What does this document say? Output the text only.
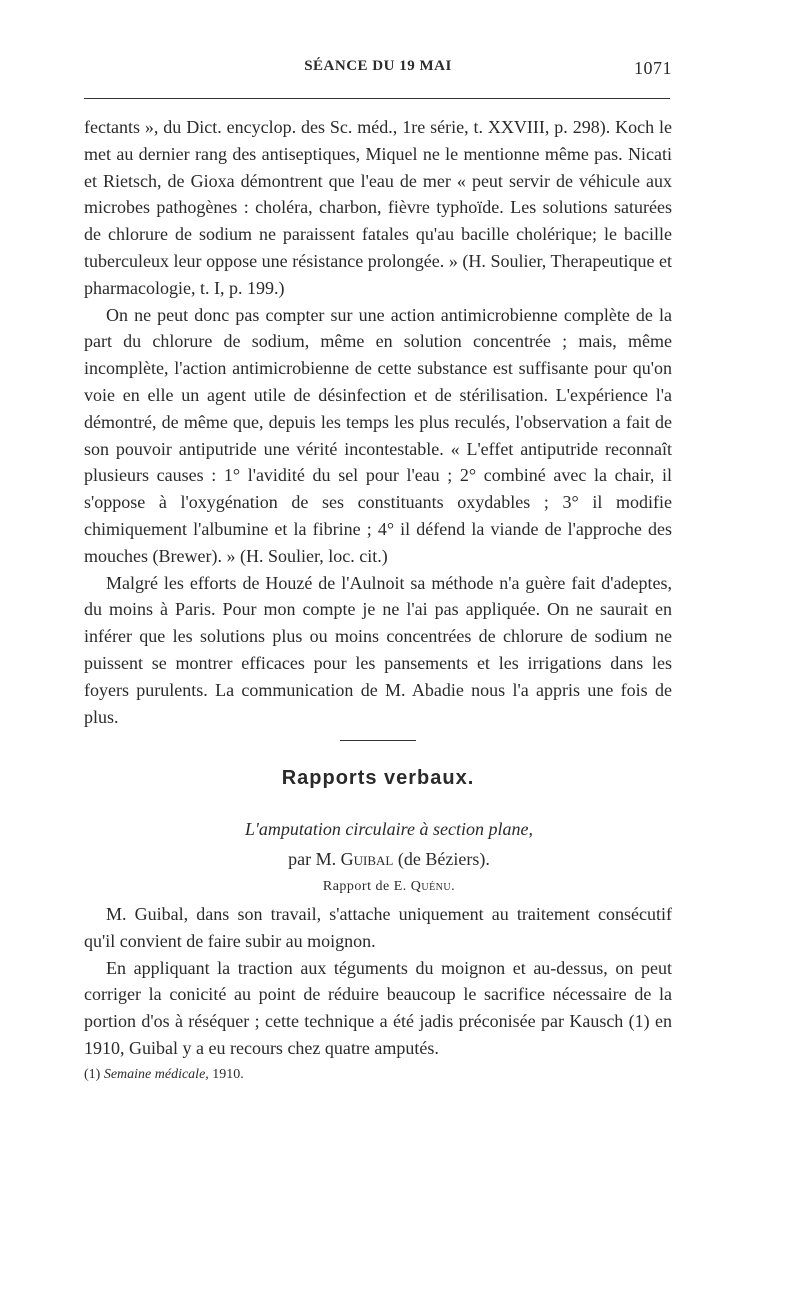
SÉANCE DU 19 MAI	1071

fectants », du Dict. encyclop. des Sc. méd., 1re série, t. XXVIII, p. 298). Koch le met au dernier rang des antiseptiques, Miquel ne le mentionne même pas. Nicati et Rietsch, de Gioxa démontrent que l'eau de mer « peut servir de véhicule aux microbes pathogènes : choléra, charbon, fièvre typhoïde. Les solutions saturées de chlorure de sodium ne paraissent fatales qu'au bacille cholérique; le bacille tuberculeux leur oppose une résistance prolongée. » (H. Soulier, Therapeutique et pharmacologie, t. I, p. 199.)

On ne peut donc pas compter sur une action antimicrobienne complète de la part du chlorure de sodium, même en solution concentrée ; mais, même incomplète, l'action antimicrobienne de cette substance est suffisante pour qu'on voie en elle un agent utile de désinfection et de stérilisation. L'expérience l'a démontré, de même que, depuis les temps les plus reculés, l'observation a fait de son pouvoir antiputride une vérité incontestable. « L'effet antiputride reconnaît plusieurs causes : 1° l'avidité du sel pour l'eau ; 2° combiné avec la chair, il s'oppose à l'oxygénation de ses constituants oxydables ; 3° il modifie chimiquement l'albumine et la fibrine ; 4° il défend la viande de l'approche des mouches (Brewer). » (H. Soulier, loc. cit.)

Malgré les efforts de Houzé de l'Aulnoit sa méthode n'a guère fait d'adeptes, du moins à Paris. Pour mon compte je ne l'ai pas appliquée. On ne saurait en inférer que les solutions plus ou moins concentrées de chlorure de sodium ne puissent se montrer efficaces pour les pansements et les irrigations dans les foyers purulents. La communication de M. Abadie nous l'a appris une fois de plus.

Rapports verbaux.

L'amputation circulaire à section plane,

par M. Guibal (de Béziers).

Rapport de E. Quénu.

M. Guibal, dans son travail, s'attache uniquement au traitement consécutif qu'il convient de faire subir au moignon.

En appliquant la traction aux téguments du moignon et au-dessus, on peut corriger la conicité au point de réduire beaucoup le sacrifice nécessaire de la portion d'os à réséquer ; cette technique a été jadis préconisée par Kausch (1) en 1910, Guibal y a eu recours chez quatre amputés.

(1) Semaine médicale, 1910.
